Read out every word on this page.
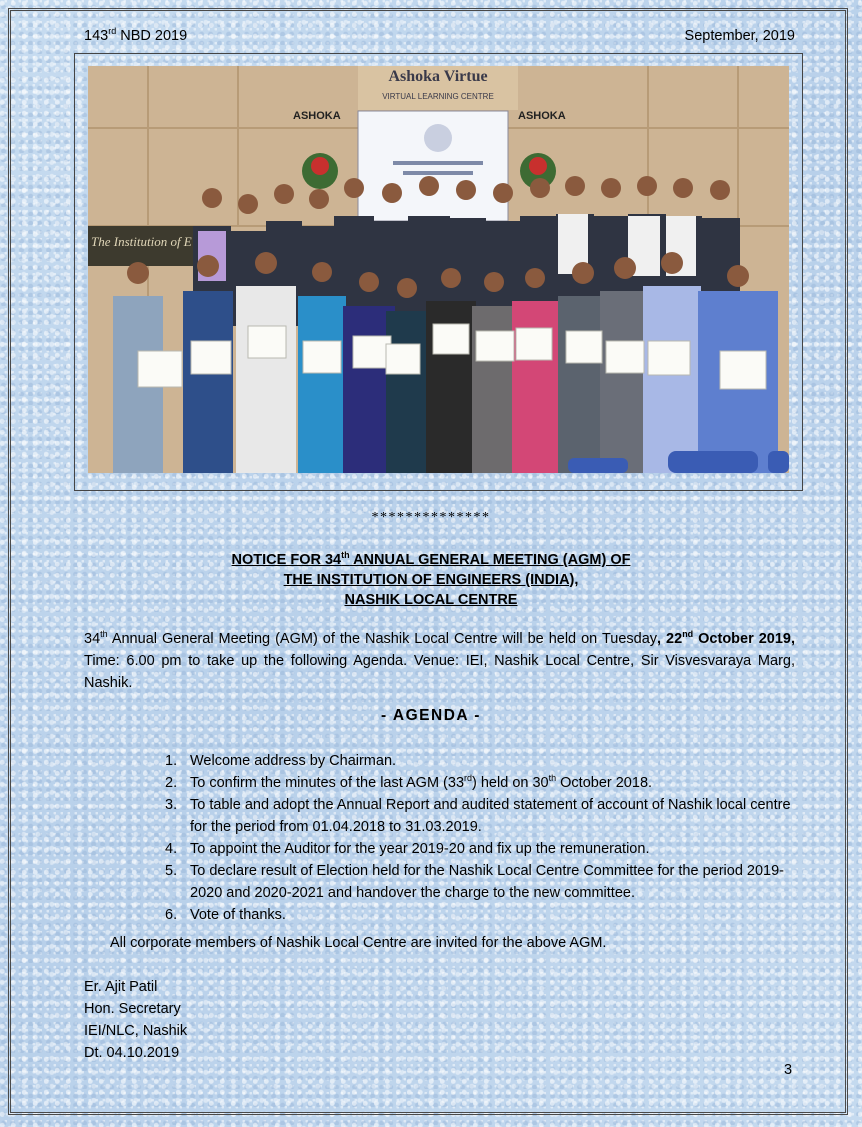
143rd NBD 2019	September, 2019
Ashoka Virtue
VIRTUAL LEARNING CENTRE
ASHOKA	ASHOKA
The Institution of E
**************
NOTICE FOR 34th ANNUAL GENERAL MEETING (AGM) OF
THE INSTITUTION OF ENGINEERS (INDIA),
NASHIK LOCAL CENTRE
34th Annual General Meeting (AGM) of the Nashik Local Centre will be held on Tuesday, 22nd October 2019, Time: 6.00 pm to take up the following Agenda. Venue: IEI, Nashik Local Centre, Sir Visvesvaraya Marg, Nashik.
- AGENDA -
1. Welcome address by Chairman.
2. To confirm the minutes of the last AGM (33rd) held on 30th October 2018.
3. To table and adopt the Annual Report and audited statement of account of Nashik local centre for the period from 01.04.2018 to 31.03.2019.
4. To appoint the Auditor for the year 2019-20 and fix up the remuneration.
5. To declare result of Election held for the Nashik Local Centre Committee for the period 2019-2020 and 2020-2021 and handover the charge to the new committee.
6. Vote of thanks.
All corporate members of Nashik Local Centre are invited for the above AGM.
Er. Ajit Patil
Hon. Secretary
IEI/NLC, Nashik
Dt. 04.10.2019
3
